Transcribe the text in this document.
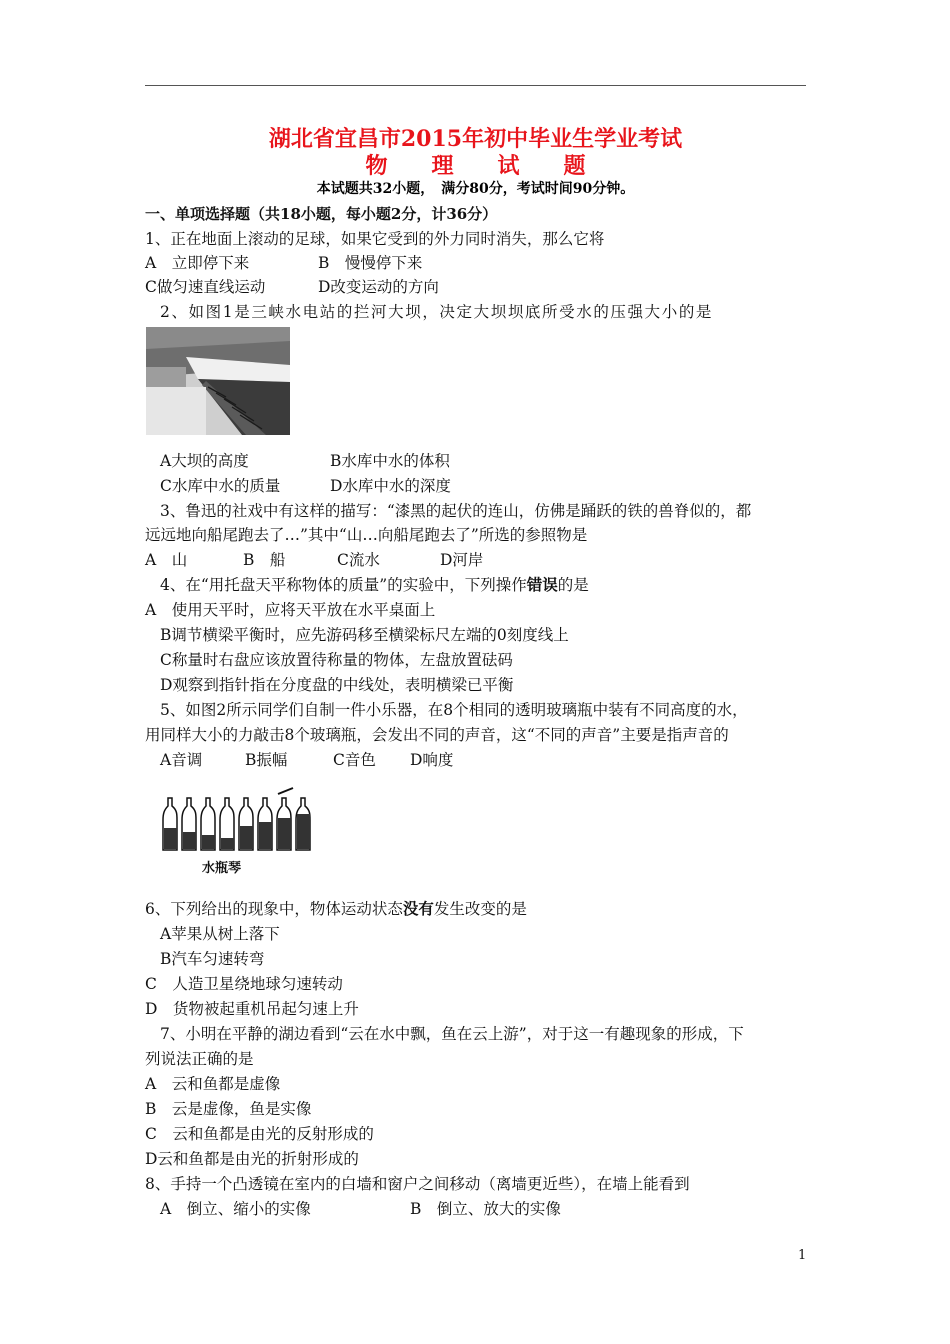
湖北省宜昌市2015年初中毕业生学业考试
物 理 试 题
本试题共32小题，　满分80分，考试时间90分钟。
一、单项选择题（共18小题，每小题2分，计36分）
1、正在地面上滚动的足球，如果它受到的外力同时消失，那么它将
A　立即停下来	B　慢慢停下来
C做匀速直线运动	D改变运动的方向
2、如图1是三峡水电站的拦河大坝，决定大坝坝底所受水的压强大小的是
A大坝的高度	B水库中水的体积
C水库中水的质量	D水库中水的深度
3、鲁迅的社戏中有这样的描写：“漆黑的起伏的连山，仿佛是踊跃的铁的兽脊似的，都
远远地向船尾跑去了…”其中“山…向船尾跑去了”所选的参照物是
A　山	B　船	C流水	D河岸
4、在“用托盘天平称物体的质量”的实验中，下列操作错误的是
A　使用天平时，应将天平放在水平桌面上
B调节横梁平衡时，应先游码移至横梁标尺左端的0刻度线上
C称量时右盘应该放置待称量的物体，左盘放置砝码
D观察到指针指在分度盘的中线处，表明横梁已平衡
5、如图2所示同学们自制一件小乐器，在8个相同的透明玻璃瓶中装有不同高度的水，
用同样大小的力敲击8个玻璃瓶，会发出不同的声音，这“不同的声音”主要是指声音的
A音调	B振幅	C音色 D响度
水瓶琴
6、下列给出的现象中，物体运动状态没有发生改变的是
A苹果从树上落下
B汽车匀速转弯
C　人造卫星绕地球匀速转动
D　货物被起重机吊起匀速上升
7、小明在平静的湖边看到“云在水中飘，鱼在云上游”，对于这一有趣现象的形成，下
列说法正确的是
A　云和鱼都是虚像
B　云是虚像，鱼是实像
C　云和鱼都是由光的反射形成的
D云和鱼都是由光的折射形成的
8、手持一个凸透镜在室内的白墙和窗户之间移动（离墙更近些），在墙上能看到
A　倒立、缩小的实像	B　倒立、放大的实像
1
